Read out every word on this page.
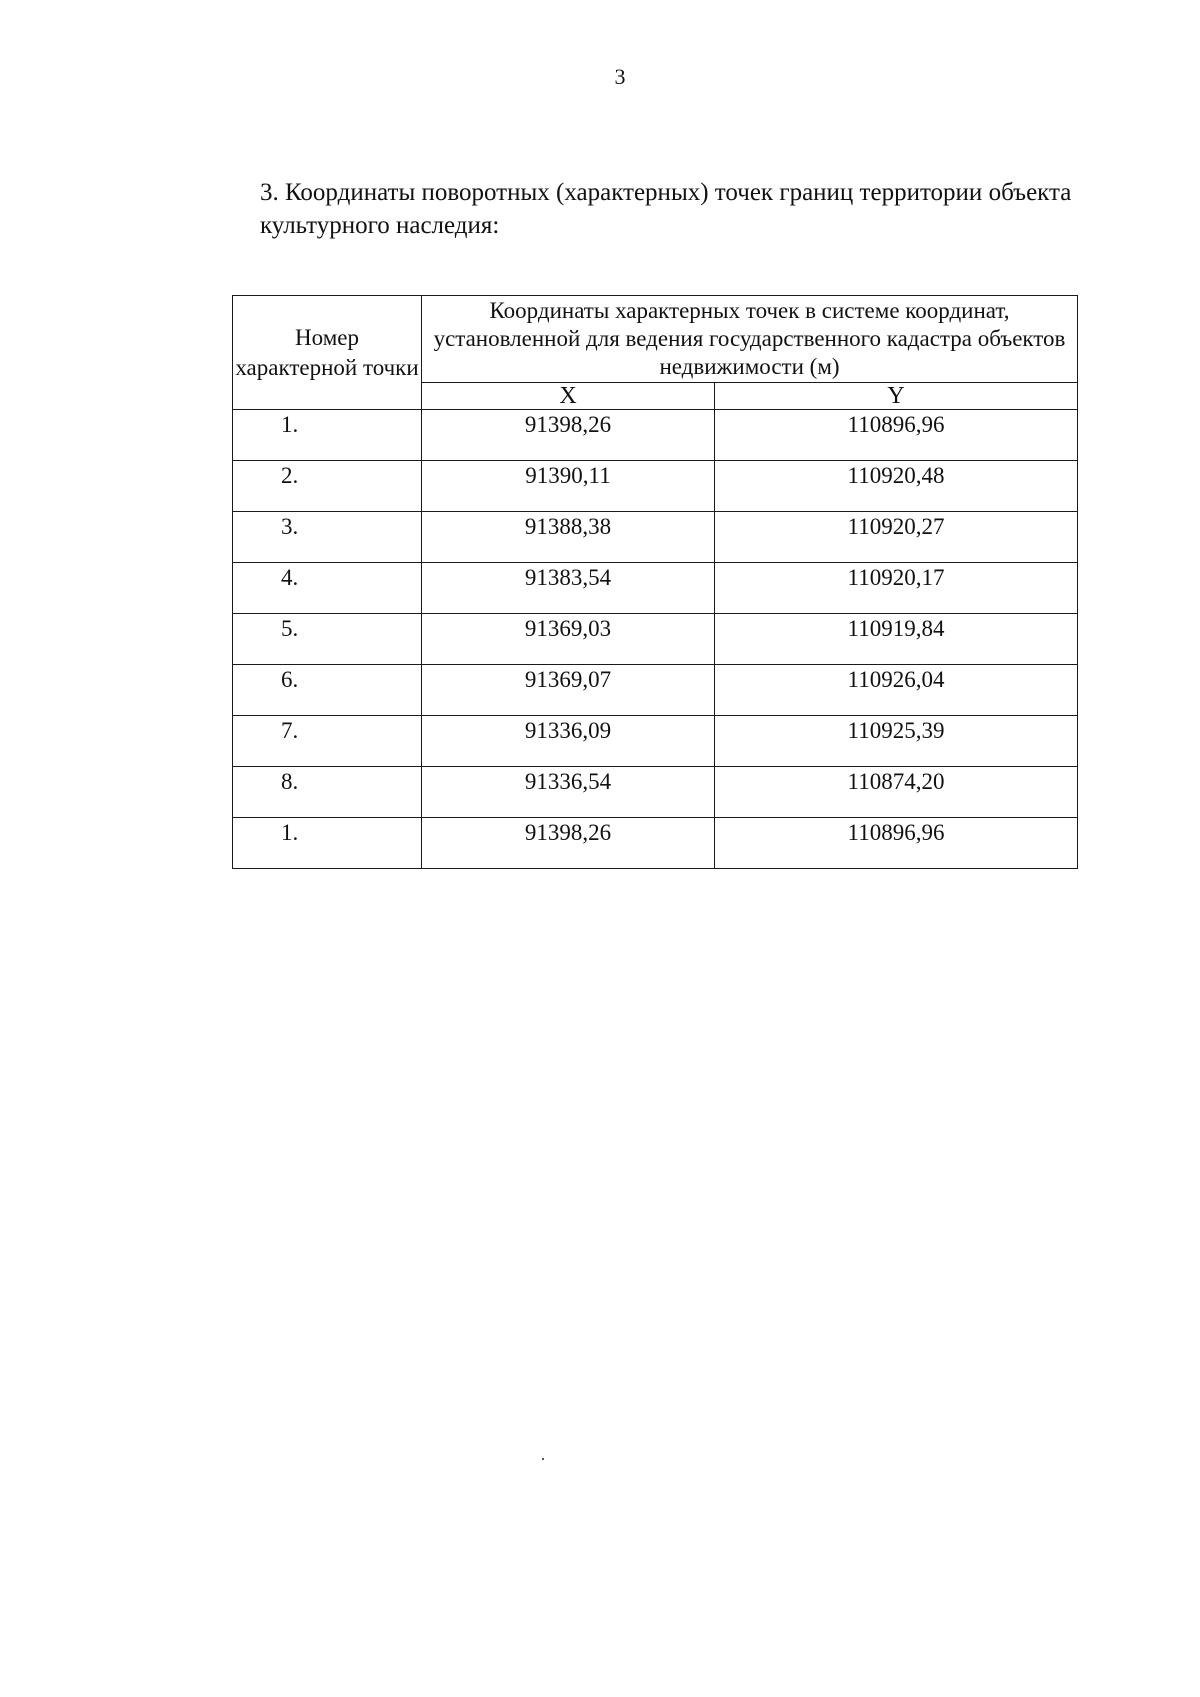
3
3. Координаты поворотных (характерных) точек границ территории объекта культурного наследия:
Номер характерной точки	Координаты характерных точек в системе координат, установленной для ведения государственного кадастра объектов недвижимости (м)	
	X	Y
1.	91398,26	110896,96
2.	91390,11	110920,48
3.	91388,38	110920,27
4.	91383,54	110920,17
5.	91369,03	110919,84
6.	91369,07	110926,04
7.	91336,09	110925,39
8.	91336,54	110874,20
1.	91398,26	110896,96
